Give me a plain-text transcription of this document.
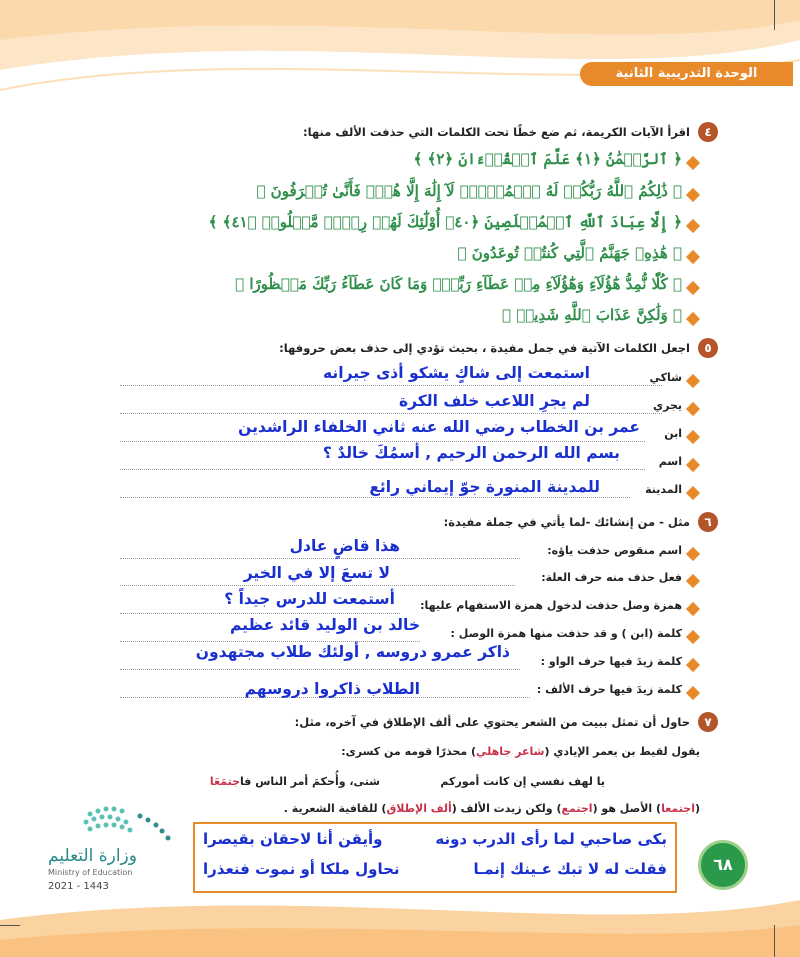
الوحدة التدريبية الثانية
٤
اقرأ الآيات الكريمة، ثم ضع خطًا تحت الكلمات التي حذفت الألف منها:
﴿ ٱلرَّحۡمَٰنُ ﴿١﴾ عَلَّمَ ٱلۡقُرۡءَانَ ﴿٢﴾ ﴾
﴿ ذَٰلِكُمُ ٱللَّهُ رَبُّكُمۡ لَهُ ٱلۡمُلۡكُۖ لَآ إِلَٰهَ إِلَّا هُوَۖ فَأَنَّىٰ تُصۡرَفُونَ ﴾
﴿ إِلَّا عِبَادَ ٱللَّهِ ٱلۡمُخۡلَصِينَ ﴿٤٠﴾ أُوْلَٰٓئِكَ لَهُمۡ رِزۡقٞ مَّعۡلُومٞ ﴿٤١﴾ ﴾
﴿ هَٰذِهِۦ جَهَنَّمُ ٱلَّتِي كُنتُمۡ تُوعَدُونَ ﴾
﴿ كُلّٗا نُّمِدُّ هَٰٓؤُلَآءِ وَهَٰٓؤُلَآءِ مِنۡ عَطَآءِ رَبِّكَۚ وَمَا كَانَ عَطَآءُ رَبِّكَ مَحۡظُورًا ﴾
﴿ وَلَٰكِنَّ عَذَابَ ٱللَّهِ شَدِيدٞ ﴾
٥
اجعل الكلمات الآتية في جمل مفيدة ، بحيث تؤدي إلى حذف بعض حروفها:
شاكي
استمعت إلى شاكٍ يشكو أذى جيرانه
يجري
لم يجرِ اللاعب خلف الكرة
ابن
عمر بن الخطاب رضي الله عنه ثاني الخلفاء الراشدين
اسم
بسم الله الرحمن الرحيم , أسمُكَ خالدٌ ؟
المدينة
للمدينة المنورة جوّ إيماني رائع
٦
مثل - من إنشائك -لما يأتي في جملة مفيدة:
اسم منقوص حذفت ياؤه:
هذا قاضٍ عادل
فعل حذف منه حرف العلة:
لا تسعَ إلا في الخير
همزة وصل حذفت لدخول همزة الاستفهام عليها:
أستمعت للدرس جيداً ؟
كلمة (ابن ) و قد حذفت منها همزة الوصل :
خالد بن الوليد قائد عظيم
كلمة زيدَ فيها حرف الواو :
ذاكر عمرو دروسه , أولئك طلاب مجتهدون
كلمة زيدَ فيها حرف الألف :
الطلاب ذاكروا دروسهم
٧
حاول أن تمثل ببيت من الشعر يحتوي على ألف الإطلاق في آخره، مثل:
يقول لقيط بن يعمر الإيادي (شاعر جاهلي) محذرًا قومه من كسرى:
يا لهف نفسي إن كانت أموركم
شتى، وأُحكمَ أمر الناس فاجتمَعَا
(اجتمعا) الأصل هو (اجتمع) ولكن زيدت الألف (ألف الإطلاق) للقافية الشعرية .
بكى صاحبي لما رأى الدرب دونه
وأيقن أنا لاحقان بقيصرا
فقلت له لا تبك عـينك إنمـا
نحاول ملكا أو نموت فنعذرا	٦٨
وزارة التعليم
Ministry of Education
2021 - 1443
